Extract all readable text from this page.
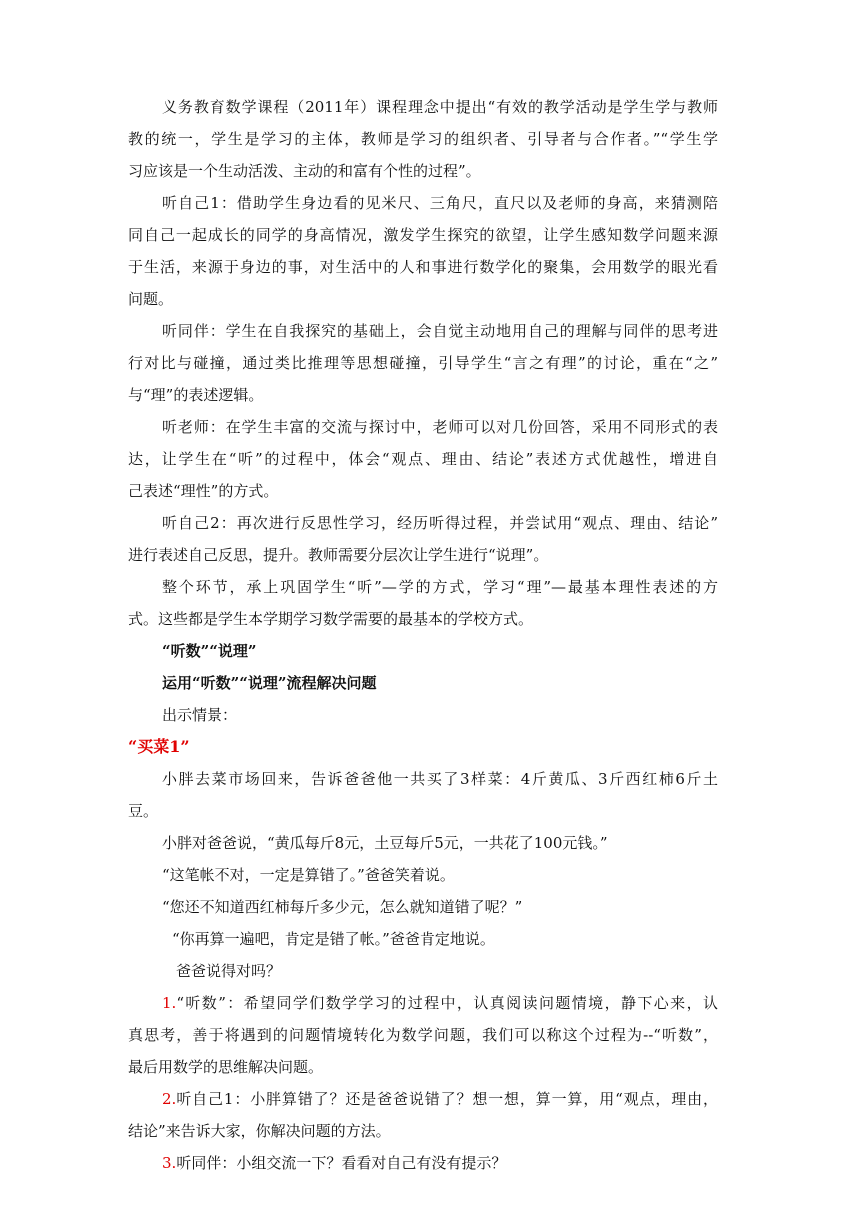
义务教育数学课程（2011年）课程理念中提出“有效的教学活动是学生学与教师
教的统一，学生是学习的主体，教师是学习的组织者、引导者与合作者。”“学生学
习应该是一个生动活泼、主动的和富有个性的过程”。
听自己1：借助学生身边看的见米尺、三角尺，直尺以及老师的身高，来猜测陪
同自己一起成长的同学的身高情况，激发学生探究的欲望，让学生感知数学问题来源
于生活，来源于身边的事，对生活中的人和事进行数学化的聚集，会用数学的眼光看
问题。
听同伴：学生在自我探究的基础上，会自觉主动地用自己的理解与同伴的思考进
行对比与碰撞，通过类比推理等思想碰撞，引导学生“言之有理”的讨论，重在“之”
与“理”的表述逻辑。
听老师：在学生丰富的交流与探讨中，老师可以对几份回答，采用不同形式的表
达，让学生在“听”的过程中，体会“观点、理由、结论”表述方式优越性，增进自
己表述“理性”的方式。
听自己2：再次进行反思性学习，经历听得过程，并尝试用“观点、理由、结论”
进行表述自己反思，提升。教师需要分层次让学生进行“说理”。
整个环节，承上巩固学生“听”—学的方式，学习“理”—最基本理性表述的方
式。这些都是学生本学期学习数学需要的最基本的学校方式。
“听数”“说理”
运用“听数”“说理”流程解决问题
出示情景：
“买菜1”
小胖去菜市场回来，告诉爸爸他一共买了3样菜：4斤黄瓜、3斤西红柿6斤土
豆。
小胖对爸爸说，“黄瓜每斤8元，土豆每斤5元，一共花了100元钱。”
“这笔帐不对，一定是算错了。”爸爸笑着说。
“您还不知道西红柿每斤多少元，怎么就知道错了呢？”
“你再算一遍吧，肯定是错了帐。”爸爸肯定地说。
爸爸说得对吗？
1. “听数”：希望同学们数学学习的过程中，认真阅读问题情境，静下心来，认
真思考，善于将遇到的问题情境转化为数学问题，我们可以称这个过程为--“听数”，
最后用数学的思维解决问题。
2. 听自己1：小胖算错了？还是爸爸说错了？想一想，算一算，用“观点，理由，
结论”来告诉大家，你解决问题的方法。
3.听同伴：小组交流一下？看看对自己有没有提示？
